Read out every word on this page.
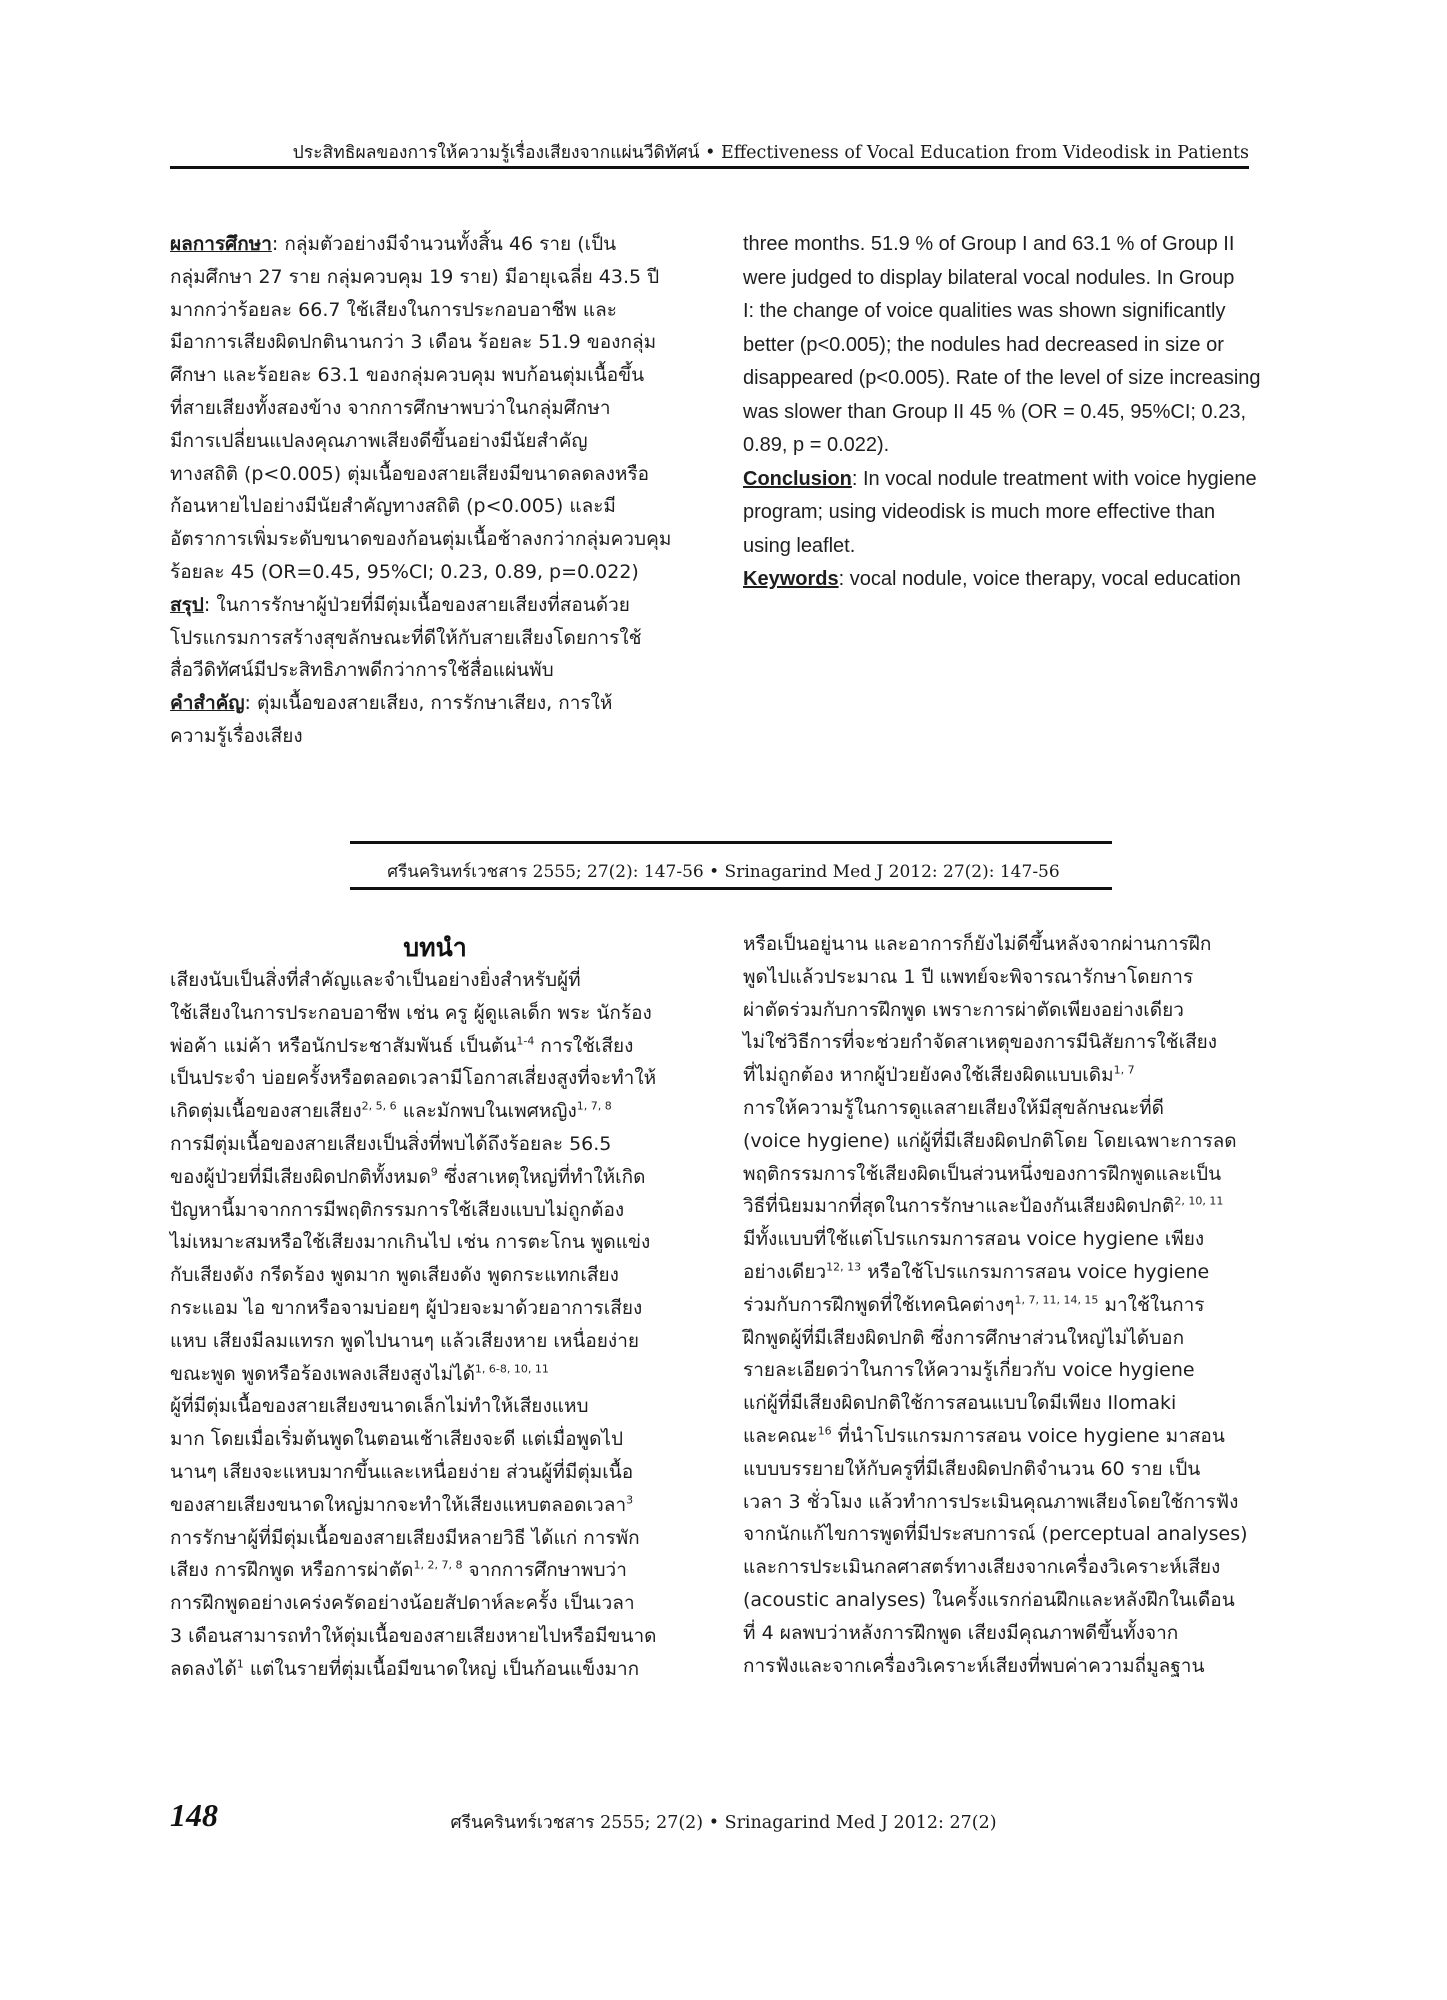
ประสิทธิผลของการให้ความรู้เรื่องเสียงจากแผ่นวีดิทัศน์ • Effectiveness of Vocal Education from Videodisk in Patients
ผลการศึกษา: กลุ่มตัวอย่างมีจำนวนทั้งสิ้น 46 ราย (เป็น
กลุ่มศึกษา 27 ราย กลุ่มควบคุม 19 ราย) มีอายุเฉลี่ย 43.5 ปี
มากกว่าร้อยละ 66.7 ใช้เสียงในการประกอบอาชีพ และ
มีอาการเสียงผิดปกตินานกว่า 3 เดือน ร้อยละ 51.9 ของกลุ่ม
ศึกษา และร้อยละ 63.1 ของกลุ่มควบคุม พบก้อนตุ่มเนื้อขึ้น
ที่สายเสียงทั้งสองข้าง จากการศึกษาพบว่าในกลุ่มศึกษา
มีการเปลี่ยนแปลงคุณภาพเสียงดีขึ้นอย่างมีนัยสำคัญ
ทางสถิติ (p<0.005) ตุ่มเนื้อของสายเสียงมีขนาดลดลงหรือ
ก้อนหายไปอย่างมีนัยสำคัญทางสถิติ (p<0.005) และมี
อัตราการเพิ่มระดับขนาดของก้อนตุ่มเนื้อช้าลงกว่ากลุ่มควบคุม
ร้อยละ 45 (OR=0.45, 95%CI; 0.23, 0.89, p=0.022)
สรุป: ในการรักษาผู้ป่วยที่มีตุ่มเนื้อของสายเสียงที่สอนด้วย
โปรแกรมการสร้างสุขลักษณะที่ดีให้กับสายเสียงโดยการใช้
สื่อวีดิทัศน์มีประสิทธิภาพดีกว่าการใช้สื่อแผ่นพับ
คำสำคัญ: ตุ่มเนื้อของสายเสียง, การรักษาเสียง, การให้
ความรู้เรื่องเสียง
three months. 51.9 % of Group I and 63.1 % of Group II
were judged to display bilateral vocal nodules. In Group
I: the change of voice qualities was shown significantly
better (p<0.005); the nodules had decreased in size or
disappeared (p<0.005). Rate of the level of size increasing
was slower than Group II 45 % (OR = 0.45, 95%CI; 0.23,
0.89, p = 0.022).
Conclusion: In vocal nodule treatment with voice hygiene
program; using videodisk is much more effective than
using leaflet.
Keywords: vocal nodule, voice therapy, vocal education
ศรีนครินทร์เวชสาร 2555; 27(2): 147-56 • Srinagarind Med J 2012: 27(2): 147-56
บทนำ
เสียงนับเป็นสิ่งที่สำคัญและจำเป็นอย่างยิ่งสำหรับผู้ที่
ใช้เสียงในการประกอบอาชีพ เช่น ครู ผู้ดูแลเด็ก พระ นักร้อง
พ่อค้า แม่ค้า หรือนักประชาสัมพันธ์ เป็นต้น$^{1-4}$ การใช้เสียง
เป็นประจำ บ่อยครั้งหรือตลอดเวลามีโอกาสเสี่ยงสูงที่จะทำให้
เกิดตุ่มเนื้อของสายเสียง$^{2, 5, 6}$ และมักพบในเพศหญิง$^{1, 7, 8}$
การมีตุ่มเนื้อของสายเสียงเป็นสิ่งที่พบได้ถึงร้อยละ 56.5
ของผู้ป่วยที่มีเสียงผิดปกติทั้งหมด$^9$ ซึ่งสาเหตุใหญ่ที่ทำให้เกิด
ปัญหานี้มาจากการมีพฤติกรรมการใช้เสียงแบบไม่ถูกต้อง
ไม่เหมาะสมหรือใช้เสียงมากเกินไป เช่น การตะโกน พูดแข่ง
กับเสียงดัง กรีดร้อง พูดมาก พูดเสียงดัง พูดกระแทกเสียง
กระแอม ไอ ขากหรือจามบ่อยๆ ผู้ป่วยจะมาด้วยอาการเสียง
แหบ เสียงมีลมแทรก พูดไปนานๆ แล้วเสียงหาย เหนื่อยง่าย
ขณะพูด พูดหรือร้องเพลงเสียงสูงไม่ได้$^{1, 6-8, 10, 11}$
ผู้ที่มีตุ่มเนื้อของสายเสียงขนาดเล็กไม่ทำให้เสียงแหบ
มาก โดยเมื่อเริ่มต้นพูดในตอนเช้าเสียงจะดี แต่เมื่อพูดไป
นานๆ เสียงจะแหบมากขึ้นและเหนื่อยง่าย ส่วนผู้ที่มีตุ่มเนื้อ
ของสายเสียงขนาดใหญ่มากจะทำให้เสียงแหบตลอดเวลา$^3$
การรักษาผู้ที่มีตุ่มเนื้อของสายเสียงมีหลายวิธี ได้แก่ การพัก
เสียง การฝึกพูด หรือการผ่าตัด$^{1, 2, 7, 8}$ จากการศึกษาพบว่า
การฝึกพูดอย่างเคร่งครัดอย่างน้อยสัปดาห์ละครั้ง เป็นเวลา
3 เดือนสามารถทำให้ตุ่มเนื้อของสายเสียงหายไปหรือมีขนาด
ลดลงได้$^1$ แต่ในรายที่ตุ่มเนื้อมีขนาดใหญ่ เป็นก้อนแข็งมาก
หรือเป็นอยู่นาน และอาการก็ยังไม่ดีขึ้นหลังจากผ่านการฝึก
พูดไปแล้วประมาณ 1 ปี แพทย์จะพิจารณารักษาโดยการ
ผ่าตัดร่วมกับการฝึกพูด เพราะการผ่าตัดเพียงอย่างเดียว
ไม่ใช่วิธีการที่จะช่วยกำจัดสาเหตุของการมีนิสัยการใช้เสียง
ที่ไม่ถูกต้อง หากผู้ป่วยยังคงใช้เสียงผิดแบบเดิม$^{1, 7}$
การให้ความรู้ในการดูแลสายเสียงให้มีสุขลักษณะที่ดี
(voice hygiene) แก่ผู้ที่มีเสียงผิดปกติโดย โดยเฉพาะการลด
พฤติกรรมการใช้เสียงผิดเป็นส่วนหนึ่งของการฝึกพูดและเป็น
วิธีที่นิยมมากที่สุดในการรักษาและป้องกันเสียงผิดปกติ$^{2, 10, 11}$
มีทั้งแบบที่ใช้แต่โปรแกรมการสอน voice hygiene เพียง
อย่างเดียว$^{12, 13}$ หรือใช้โปรแกรมการสอน voice hygiene
ร่วมกับการฝึกพูดที่ใช้เทคนิคต่างๆ$^{1, 7, 11, 14, 15}$ มาใช้ในการ
ฝึกพูดผู้ที่มีเสียงผิดปกติ ซึ่งการศึกษาส่วนใหญ่ไม่ได้บอก
รายละเอียดว่าในการให้ความรู้เกี่ยวกับ voice hygiene
แก่ผู้ที่มีเสียงผิดปกติใช้การสอนแบบใดมีเพียง Ilomaki
และคณะ$^{16}$ ที่นำโปรแกรมการสอน voice hygiene มาสอน
แบบบรรยายให้กับครูที่มีเสียงผิดปกติจำนวน 60 ราย เป็น
เวลา 3 ชั่วโมง แล้วทำการประเมินคุณภาพเสียงโดยใช้การฟัง
จากนักแก้ไขการพูดที่มีประสบการณ์ (perceptual analyses)
และการประเมินกลศาสตร์ทางเสียงจากเครื่องวิเคราะห์เสียง
(acoustic analyses) ในครั้งแรกก่อนฝึกและหลังฝึกในเดือน
ที่ 4 ผลพบว่าหลังการฝึกพูด เสียงมีคุณภาพดีขึ้นทั้งจาก
การฟังและจากเครื่องวิเคราะห์เสียงที่พบค่าความถี่มูลฐาน
148	ศรีนครินทร์เวชสาร 2555; 27(2) • Srinagarind Med J 2012: 27(2)
